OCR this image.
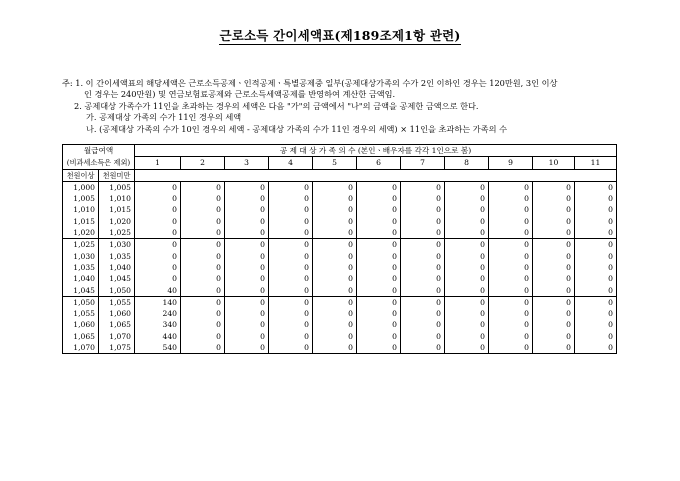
근로소득 간이세액표(제189조제1항 관련)
주: 1. 이 간이세액표의 해당세액은 근로소득공제ㆍ인적공제ㆍ특별공제중 일부(공제대상가족의 수가 2인 이하인 경우는 120만원, 3인 이상
인 경우는 240만원) 및 연금보험료공제와 근로소득세액공제를 반영하여 계산한 금액임.
2. 공제대상 가족수가 11인을 초과하는 경우의 세액은 다음 "가"의 금액에서 "나"의 금액을 공제한 금액으로 한다.
가. 공제대상 가족의 수가 11인 경우의 세액
나. (공제대상 가족의 수가 10인 경우의 세액 - 공제대상 가족의 수가 11인 경우의 세액) × 11인을 초과하는 가족의 수
월급여액		공 제 대 상 가 족 의 수 (본인ㆍ배우자를 각각 1인으로 봄)										
(비과세소득은 제외)		1	2	3	4	5	6	7	8	9	10	11
천원이상	천원미만											
1,000	1,005	0	0	0	0	0	0	0	0	0	0	0
1,005	1,010	0	0	0	0	0	0	0	0	0	0	0
1,010	1,015	0	0	0	0	0	0	0	0	0	0	0
1,015	1,020	0	0	0	0	0	0	0	0	0	0	0
1,020	1,025	0	0	0	0	0	0	0	0	0	0	0
1,025	1,030	0	0	0	0	0	0	0	0	0	0	0
1,030	1,035	0	0	0	0	0	0	0	0	0	0	0
1,035	1,040	0	0	0	0	0	0	0	0	0	0	0
1,040	1,045	0	0	0	0	0	0	0	0	0	0	0
1,045	1,050	40	0	0	0	0	0	0	0	0	0	0
1,050	1,055	140	0	0	0	0	0	0	0	0	0	0
1,055	1,060	240	0	0	0	0	0	0	0	0	0	0
1,060	1,065	340	0	0	0	0	0	0	0	0	0	0
1,065	1,070	440	0	0	0	0	0	0	0	0	0	0
1,070	1,075	540	0	0	0	0	0	0	0	0	0	0
